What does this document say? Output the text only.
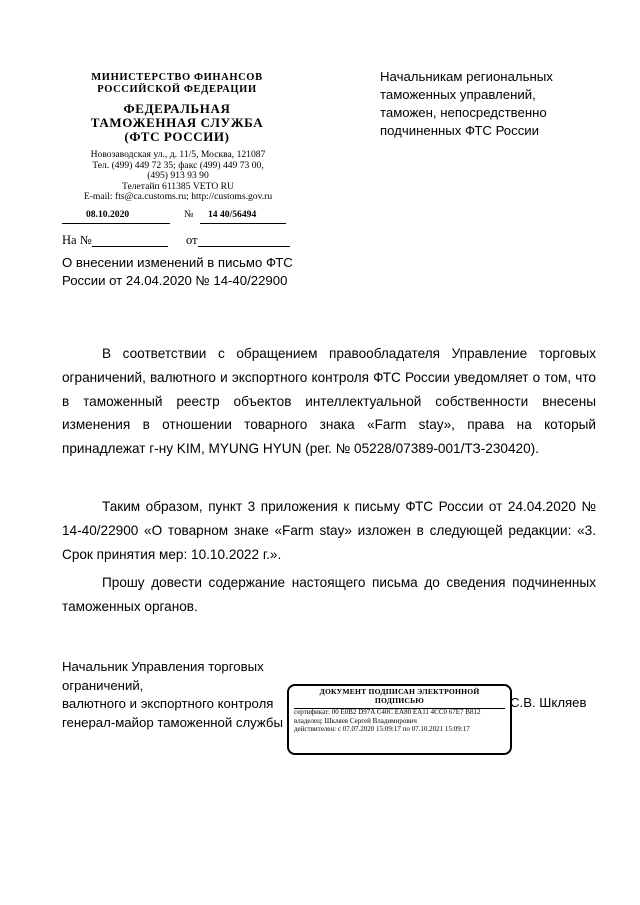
МИНИСТЕРСТВО ФИНАНСОВ РОССИЙСКОЙ ФЕДЕРАЦИИ
ФЕДЕРАЛЬНАЯ ТАМОЖЕННАЯ СЛУЖБА (ФТС РОССИИ)
Новозаводская ул., д. 11/5, Москва, 121087
Тел. (499) 449 72 35; факс (499) 449 73 00,
(495) 913 93 90
Телетайп 611385 VETO RU
E-mail: fts@ca.customs.ru; http://customs.gov.ru
08.10.2020	№ 14 40/56494
На №	от
О внесении изменений в письмо ФТС России от 24.04.2020 № 14-40/22900
Начальникам региональных таможенных управлений, таможен, непосредственно подчиненных ФТС России
В соответствии с обращением правообладателя Управление торговых ограничений, валютного и экспортного контроля ФТС России уведомляет о том, что в таможенный реестр объектов интеллектуальной собственности внесены изменения в отношении товарного знака «Farm stay», права на который принадлежат г-ну KIM, MYUNG HYUN (рег. № 05228/07389-001/ТЗ-230420).
Таким образом, пункт 3 приложения к письму ФТС России от 24.04.2020 № 14-40/22900 «О товарном знаке «Farm stay» изложен в следующей редакции: «3. Срок принятия мер: 10.10.2022 г.».
Прошу довести содержание настоящего письма до сведения подчиненных таможенных органов.
Начальник Управления торговых ограничений,
валютного и экспортного контроля
генерал-майор таможенной службы
ДОКУМЕНТ ПОДПИСАН ЭЛЕКТРОННОЙ ПОДПИСЬЮ
сертификат: 00 E0B2 D97A C40C EA80 EA11 4CC0 67E7 B812
владелец: Шкляев Сергей Владимирович
действителен: с 07.07.2020 15:09:17 по 07.10.2021 15:09:17
С.В. Шкляев
